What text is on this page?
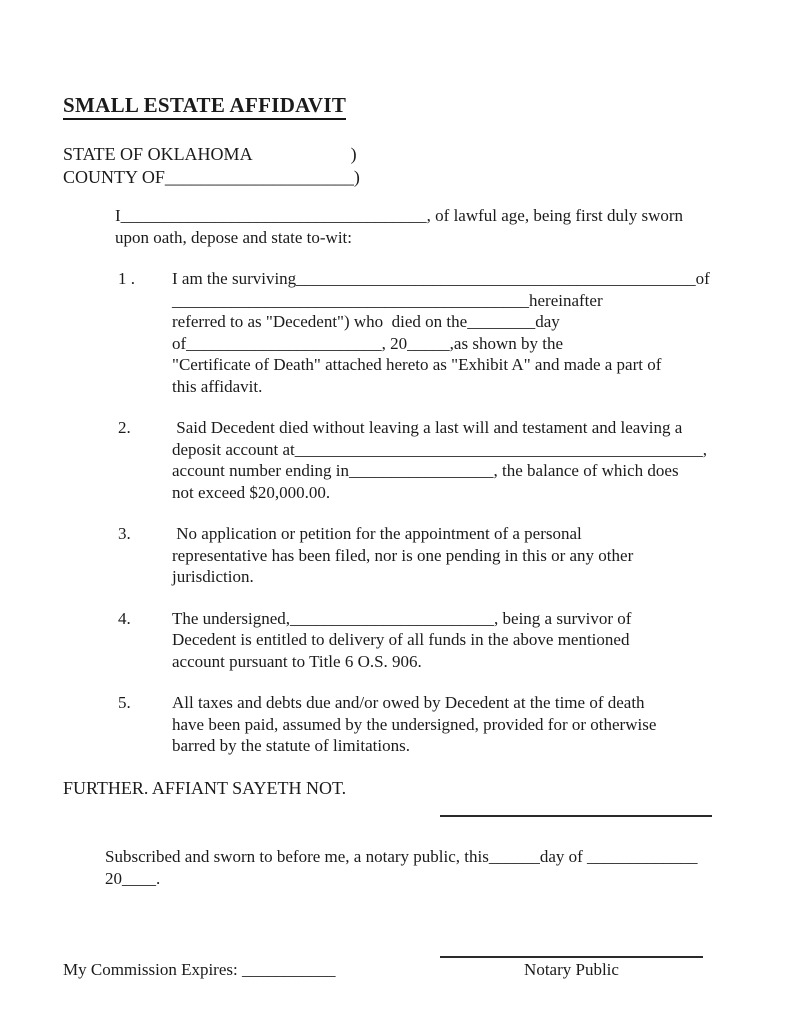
SMALL ESTATE AFFIDAVIT
STATE OF OKLAHOMA                      )
COUNTY OF_____________________)
I____________________________________, of lawful age, being first duly sworn
upon oath, depose and state to-wit:
1 .	I am the surviving_______________________________________________of
__________________________________________hereinafter
referred to as "Decedent") who  died on the________day
of_______________________, 20_____,as shown by the
"Certificate of Death" attached hereto as "Exhibit A" and made a part of
this affidavit.
2.	Said Decedent died without leaving a last will and testament and leaving a
deposit account at________________________________________________,
account number ending in_________________, the balance of which does
not exceed $20,000.00.
3.	No application or petition for the appointment of a personal
representative has been filed, nor is one pending in this or any other
jurisdiction.
4.	The undersigned,________________________, being a survivor of
Decedent is entitled to delivery of all funds in the above mentioned
account pursuant to Title 6 O.S. 906.
5.	All taxes and debts due and/or owed by Decedent at the time of death
have been paid, assumed by the undersigned, provided for or otherwise
barred by the statute of limitations.
FURTHER. AFFIANT SAYETH NOT.
Subscribed and sworn to before me, a notary public, this______day of _____________
20____.
My Commission Expires: ___________	Notary Public
